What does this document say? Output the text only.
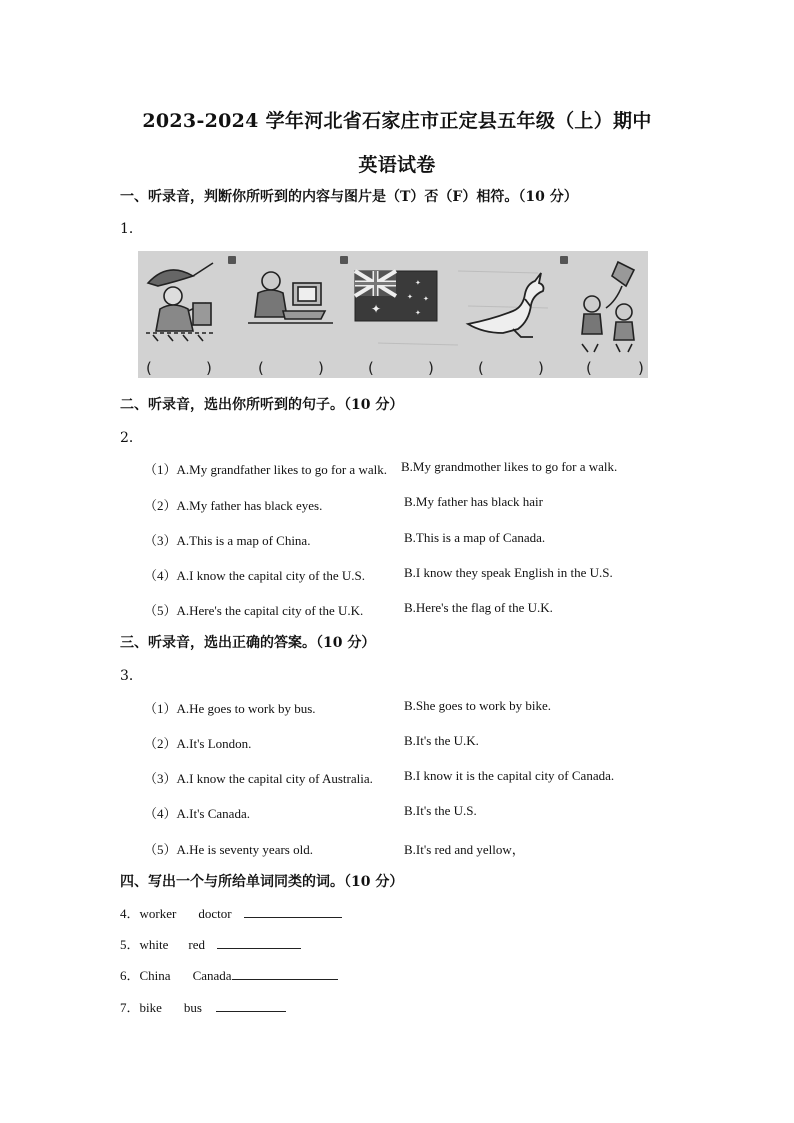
2023-2024 学年河北省石家庄市正定县五年级（上）期中
英语试卷
一、听录音，判断你所听到的内容与图片是（T）否（F）相符。（10 分）
1．
✦
✦
✦ ✦
✦
(	)	(	)	(	)	(	)	(	)
二、听录音，选出你所听到的句子。（10 分）
2．
（1）A.My grandfather likes to go for a walk. B.My grandmother likes to go for a walk.
（2）A.My father has black eyes.	B.My father has black hair
（3）A.This is a map of China.	B.This is a map of Canada.
（4）A.I know the capital city of the U.S.	B.I know they speak English in the U.S.
（5）A.Here's the capital city of the U.K.	B.Here's the flag of the U.K.
三、听录音，选出正确的答案。（10 分）
3．
（1）A.He goes to work by bus.	B.She goes to work by bike.
（2）A.It's London.	B.It's the U.K.
（3）A.I know the capital city of Australia. B.I know it is the capital city of Canada.
（4）A.It's Canada.	B.It's the U.S.
（5）A.He is seventy years old.	B.It's red and yellow，
四、写出一个与所给单词同类的词。（10 分）
4．worker doctor
5．white red
6．China Canada
7．bike bus
